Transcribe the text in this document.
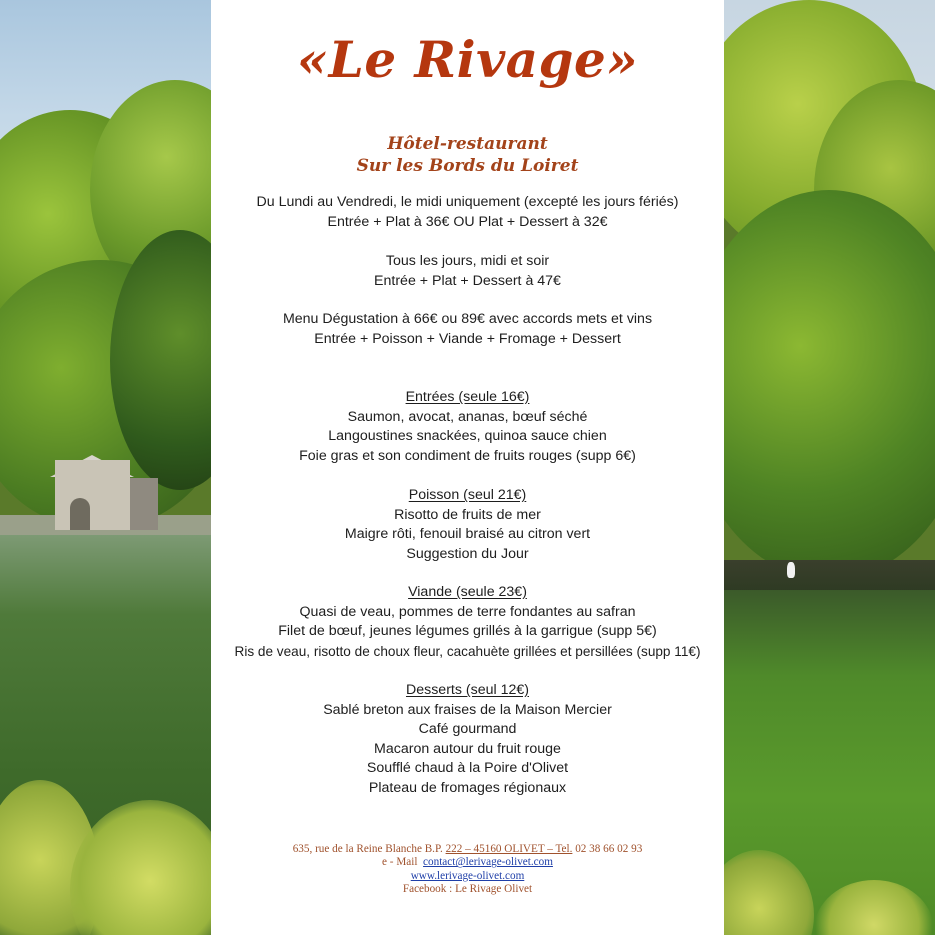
«Le Rivage»
Hôtel-restaurant
Sur les Bords du Loiret
Du Lundi au Vendredi, le midi uniquement (excepté les jours fériés)
Entrée + Plat à 36€ OU Plat + Dessert à 32€
Tous les jours, midi et soir
Entrée + Plat + Dessert à 47€
Menu Dégustation à 66€ ou 89€ avec accords mets et vins
Entrée + Poisson + Viande + Fromage + Dessert
Entrées (seule 16€)
Saumon, avocat, ananas, bœuf séché
Langoustines snackées, quinoa sauce chien
Foie gras et son condiment de fruits rouges (supp 6€)
Poisson (seul 21€)
Risotto de fruits de mer
Maigre rôti, fenouil braisé au citron vert
Suggestion du Jour
Viande (seule 23€)
Quasi de veau, pommes de terre fondantes au safran
Filet de bœuf, jeunes légumes grillés à la garrigue (supp 5€)
Ris de veau, risotto de choux fleur, cacahuète grillées et persillées (supp 11€)
Desserts (seul 12€)
Sablé breton aux fraises de la Maison Mercier
Café gourmand
Macaron autour du fruit rouge
Soufflé chaud à la Poire d'Olivet
Plateau de fromages régionaux
635, rue de la Reine Blanche B.P. 222 – 45160 OLIVET – Tel. 02 38 66 02 93
e - Mail  contact@lerivage-olivet.com
www.lerivage-olivet.com
Facebook : Le Rivage Olivet
